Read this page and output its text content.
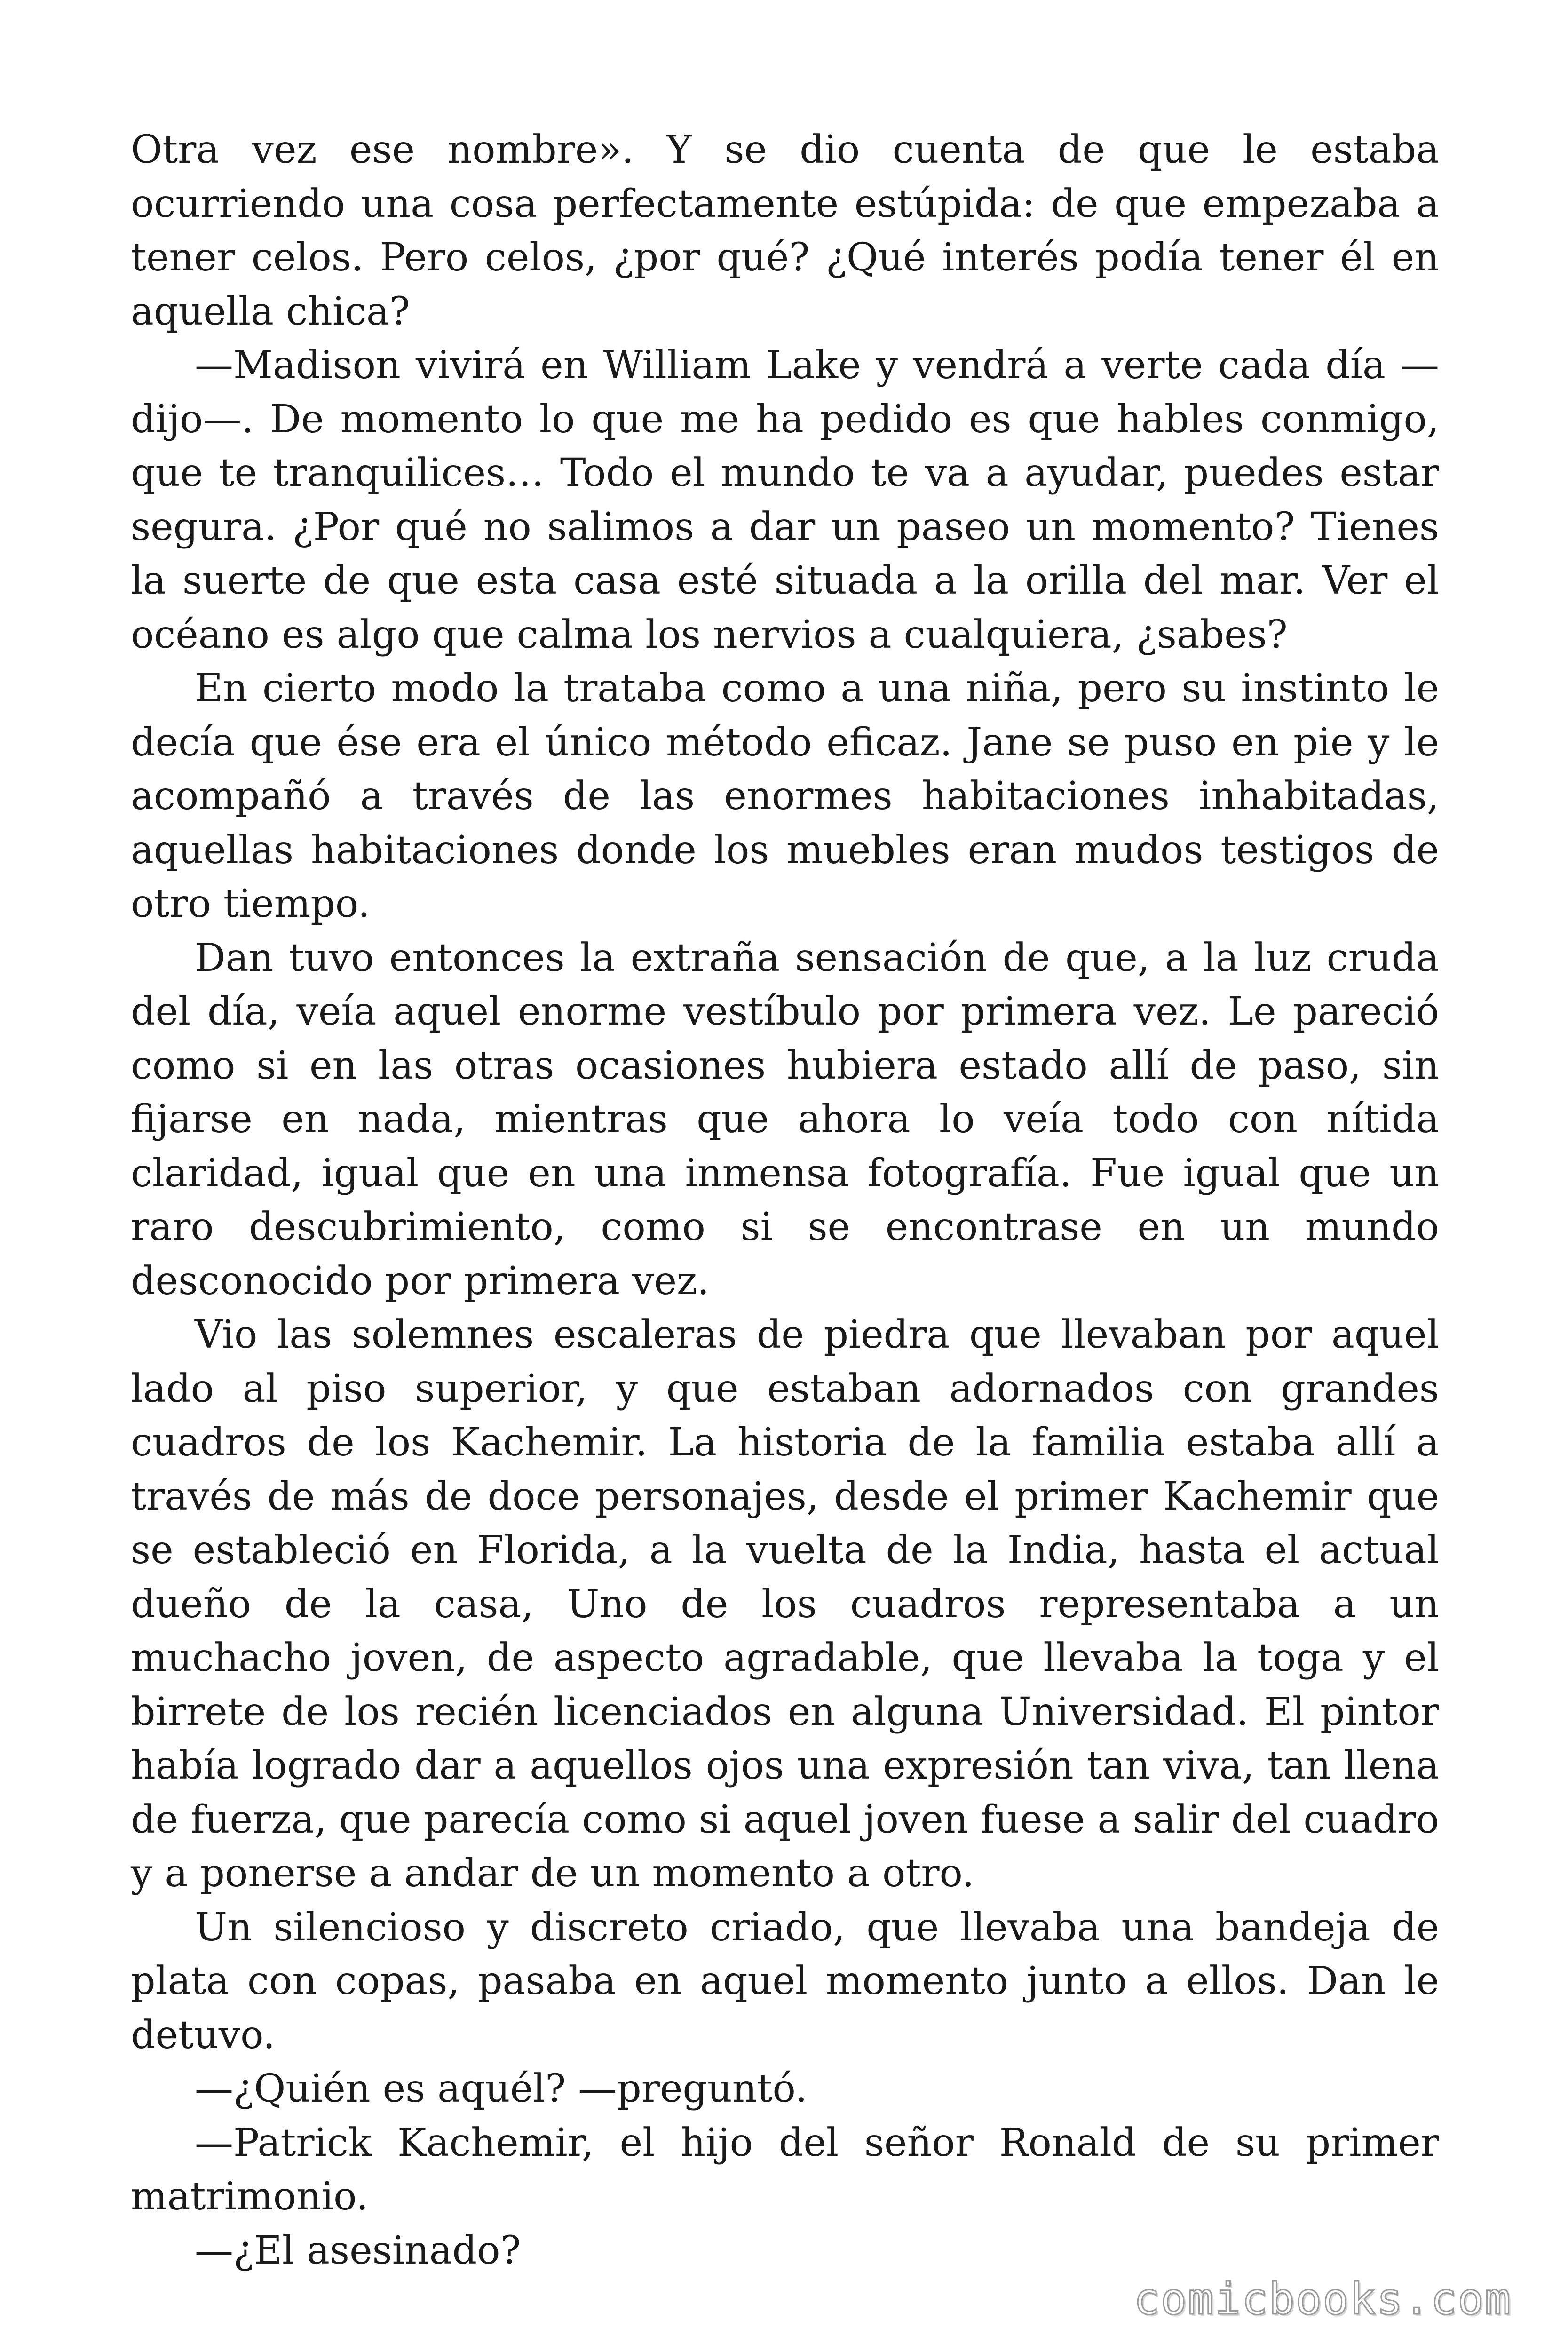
Otra vez ese nombre». Y se dio cuenta de que le estaba ocurriendo una cosa perfectamente estúpida: de que empezaba a tener celos. Pero celos, ¿por qué? ¿Qué interés podía tener él en aquella chica?

—Madison vivirá en William Lake y vendrá a verte cada día —dijo—. De momento lo que me ha pedido es que hables conmigo, que te tranquilices… Todo el mundo te va a ayudar, puedes estar segura. ¿Por qué no salimos a dar un paseo un momento? Tienes la suerte de que esta casa esté situada a la orilla del mar. Ver el océano es algo que calma los nervios a cualquiera, ¿sabes?

En cierto modo la trataba como a una niña, pero su instinto le decía que ése era el único método eficaz. Jane se puso en pie y le acompañó a través de las enormes habitaciones inhabitadas, aquellas habitaciones donde los muebles eran mudos testigos de otro tiempo.

Dan tuvo entonces la extraña sensación de que, a la luz cruda del día, veía aquel enorme vestíbulo por primera vez. Le pareció como si en las otras ocasiones hubiera estado allí de paso, sin fijarse en nada, mientras que ahora lo veía todo con nítida claridad, igual que en una inmensa fotografía. Fue igual que un raro descubrimiento, como si se encontrase en un mundo desconocido por primera vez.

Vio las solemnes escaleras de piedra que llevaban por aquel lado al piso superior, y que estaban adornados con grandes cuadros de los Kachemir. La historia de la familia estaba allí a través de más de doce personajes, desde el primer Kachemir que se estableció en Florida, a la vuelta de la India, hasta el actual dueño de la casa, Uno de los cuadros representaba a un muchacho joven, de aspecto agradable, que llevaba la toga y el birrete de los recién licenciados en alguna Universidad. El pintor había logrado dar a aquellos ojos una expresión tan viva, tan llena de fuerza, que parecía como si aquel joven fuese a salir del cuadro y a ponerse a andar de un momento a otro.

Un silencioso y discreto criado, que llevaba una bandeja de plata con copas, pasaba en aquel momento junto a ellos. Dan le detuvo.

—¿Quién es aquél? —preguntó.

—Patrick Kachemir, el hijo del señor Ronald de su primer matrimonio.

—¿El asesinado?

comicbooks.com
